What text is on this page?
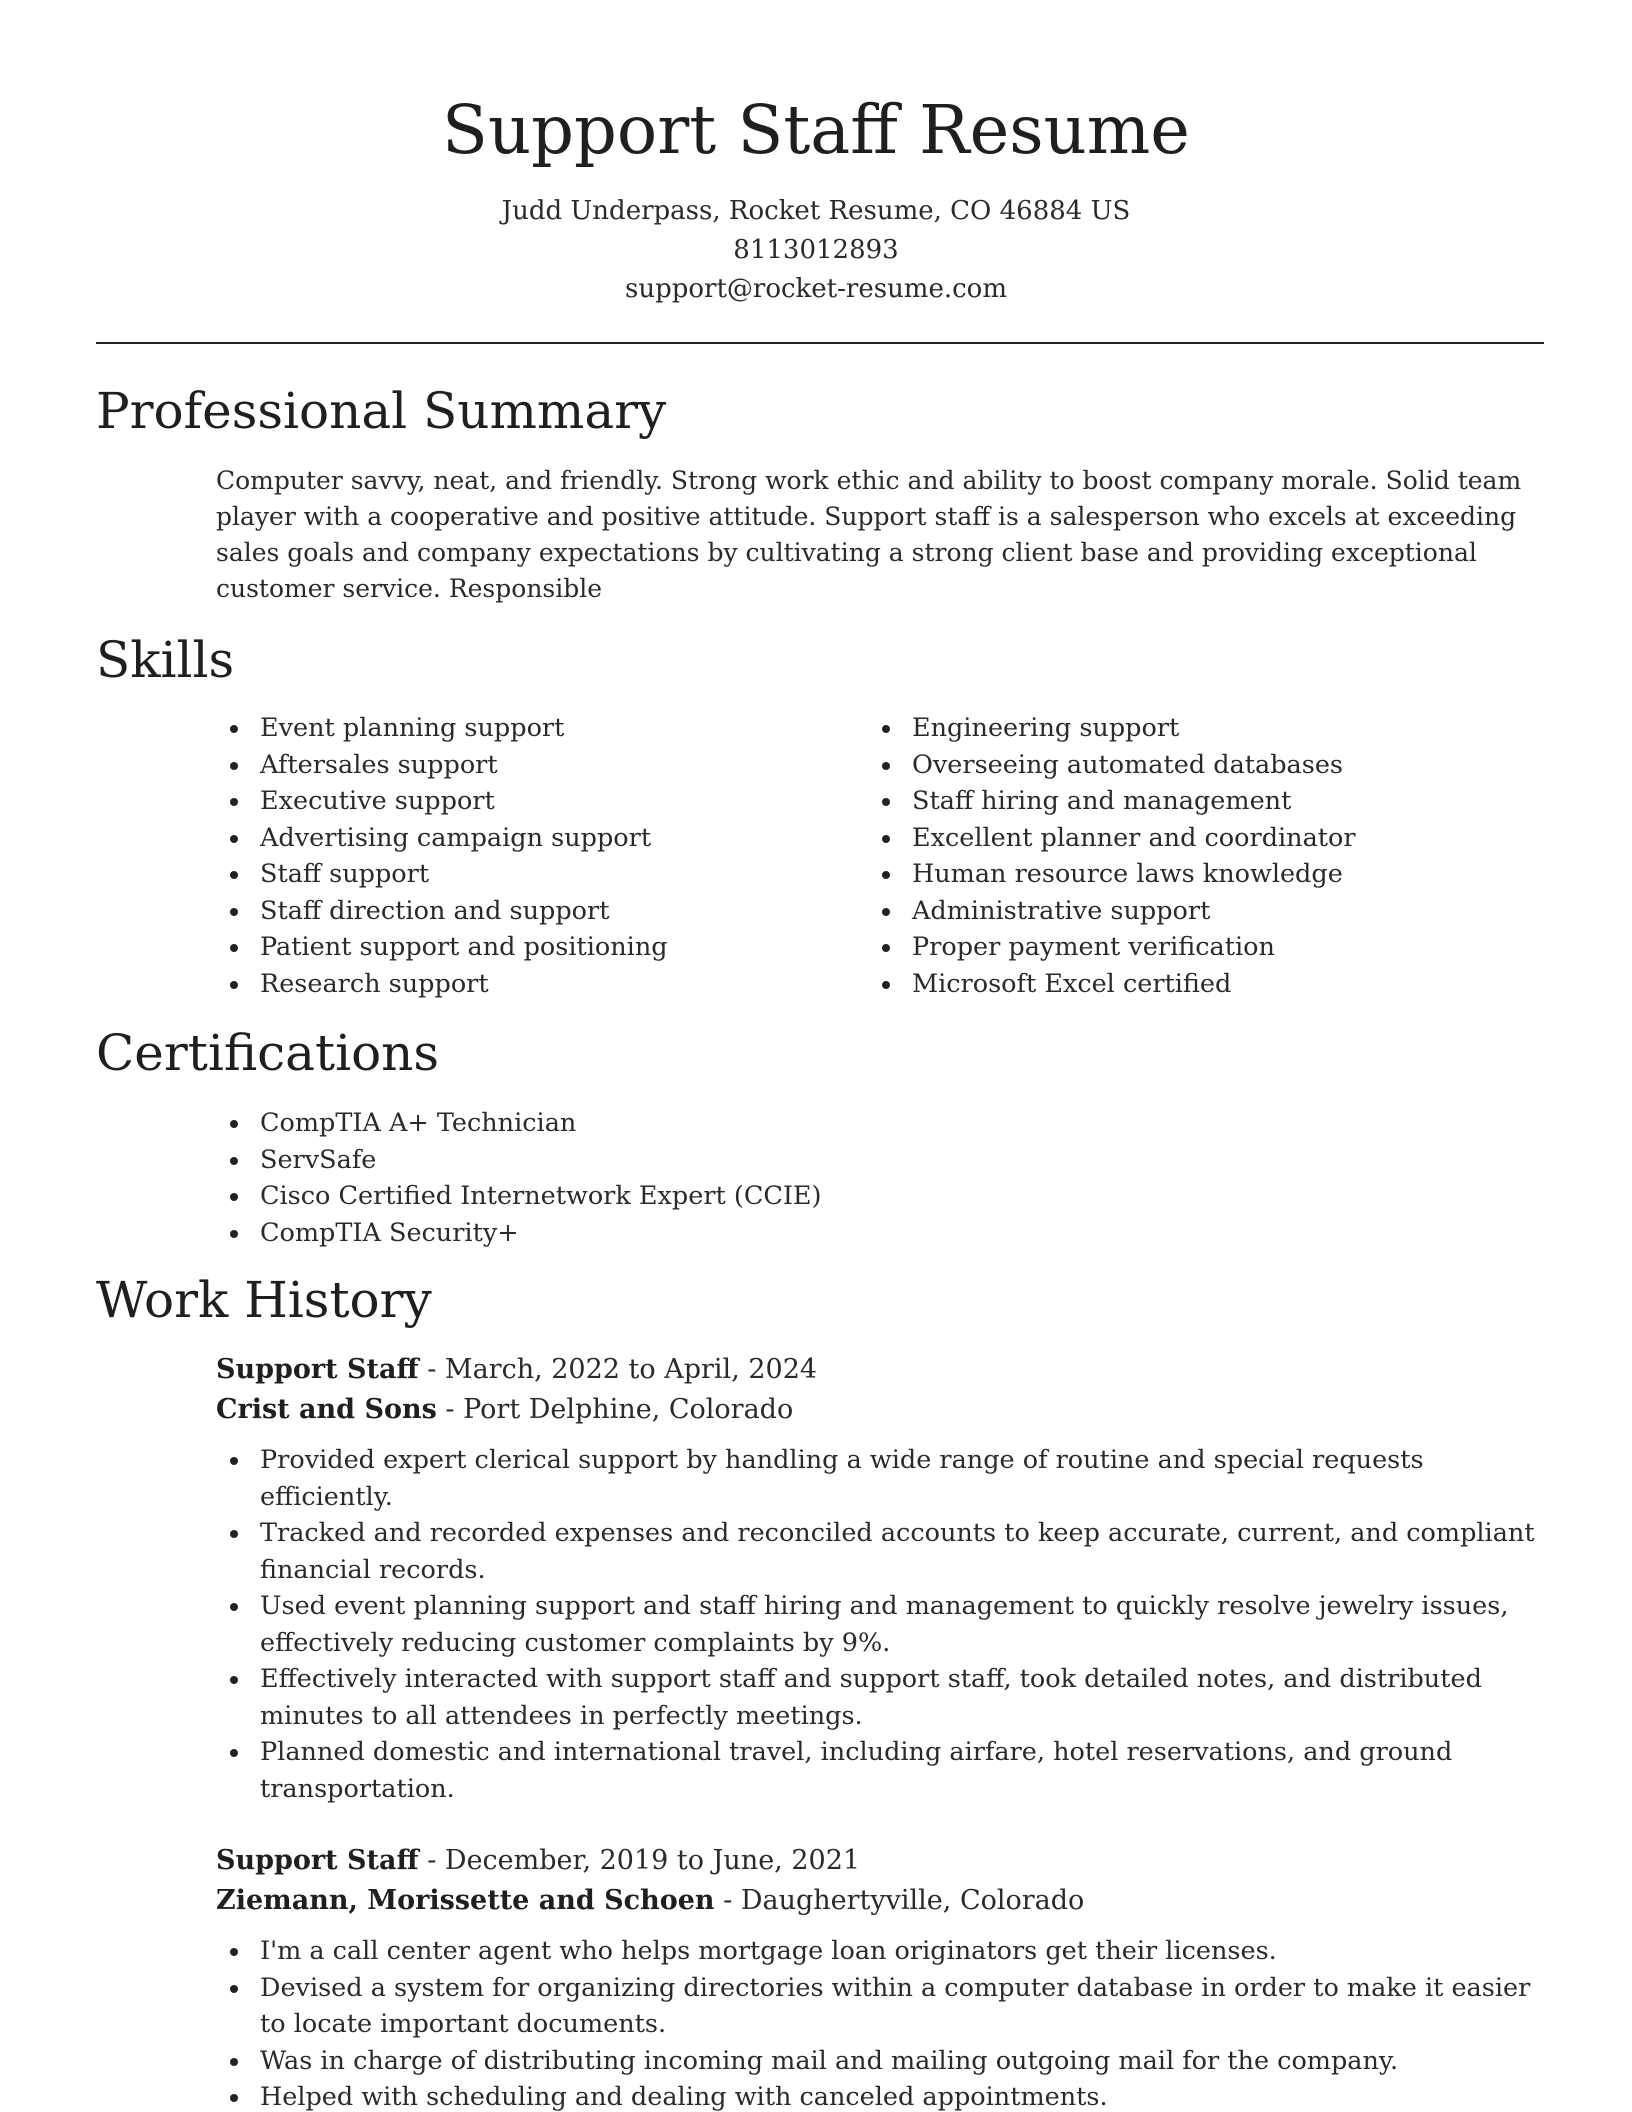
Support Staff Resume
Judd Underpass, Rocket Resume, CO 46884 US
8113012893
support@rocket-resume.com
Professional Summary

Computer savvy, neat, and friendly. Strong work ethic and ability to boost company morale. Solid team player with a cooperative and positive attitude. Support staff is a salesperson who excels at exceeding sales goals and company expectations by cultivating a strong client base and providing exceptional customer service. Responsible

Skills
Event planning support
Aftersales support
Executive support
Advertising campaign support
Staff support
Staff direction and support
Patient support and positioning
Research support
Engineering support
Overseeing automated databases
Staff hiring and management
Excellent planner and coordinator
Human resource laws knowledge
Administrative support
Proper payment verification
Microsoft Excel certified
Certifications
CompTIA A+ Technician
ServSafe
Cisco Certified Internetwork Expert (CCIE)
CompTIA Security+
Work History
Support Staff - March, 2022 to April, 2024
Crist and Sons - Port Delphine, Colorado
Provided expert clerical support by handling a wide range of routine and special requests efficiently.
Tracked and recorded expenses and reconciled accounts to keep accurate, current, and compliant financial records.
Used event planning support and staff hiring and management to quickly resolve jewelry issues, effectively reducing customer complaints by 9%.
Effectively interacted with support staff and support staff, took detailed notes, and distributed minutes to all attendees in perfectly meetings.
Planned domestic and international travel, including airfare, hotel reservations, and ground transportation.
Support Staff - December, 2019 to June, 2021
Ziemann, Morissette and Schoen - Daughertyville, Colorado
I'm a call center agent who helps mortgage loan originators get their licenses.
Devised a system for organizing directories within a computer database in order to make it easier to locate important documents.
Was in charge of distributing incoming mail and mailing outgoing mail for the company.
Helped with scheduling and dealing with canceled appointments.
